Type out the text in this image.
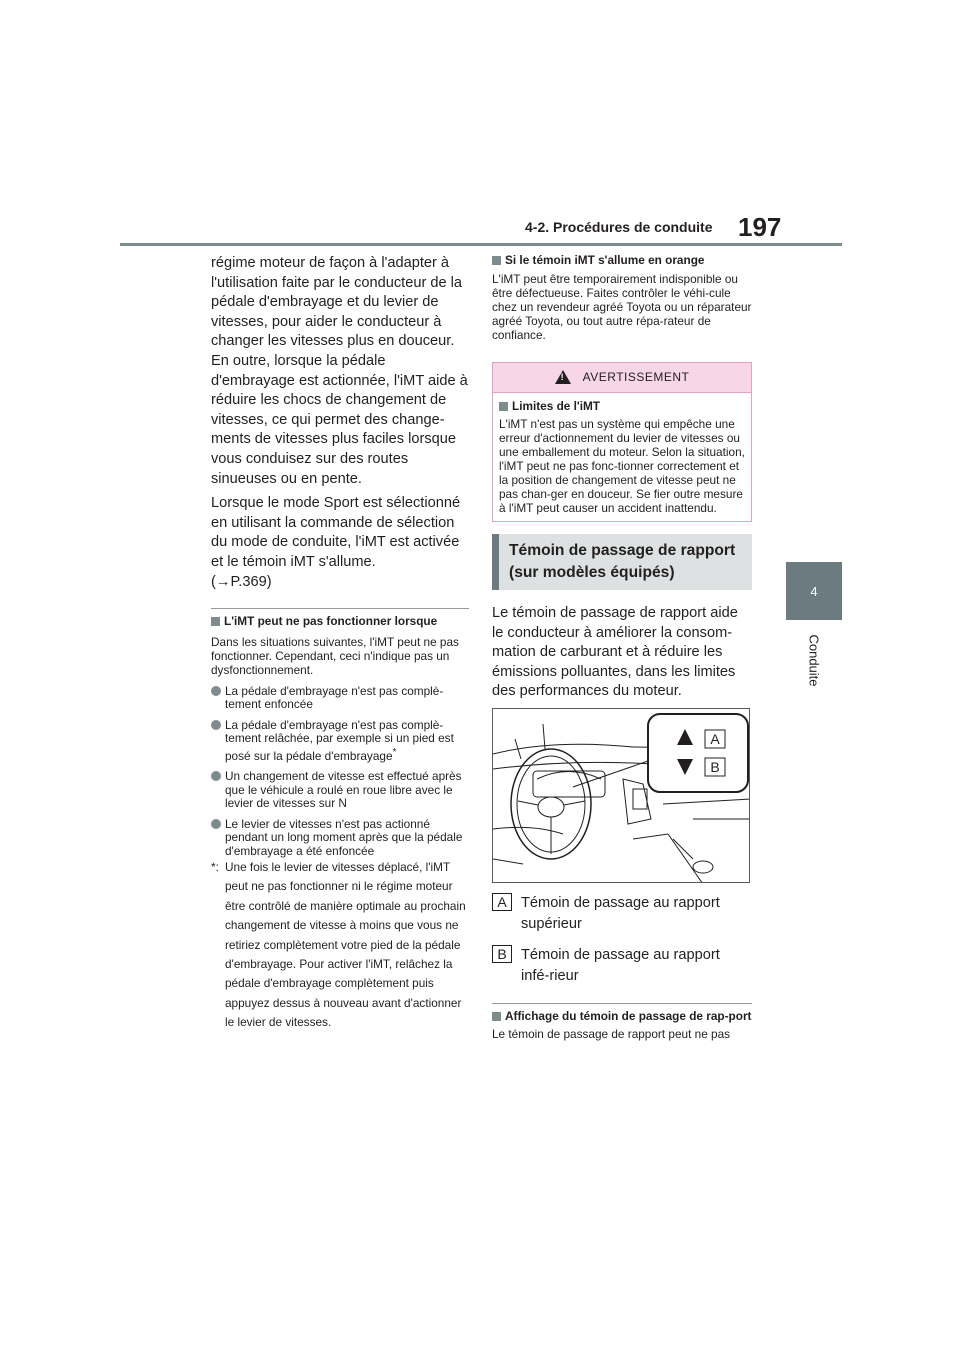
4-2. Procédures de conduite 197
4
Conduite

régime moteur de façon à l'adapter à l'utilisation faite par le conducteur de la pédale d'embrayage et du levier de vitesses, pour aider le conducteur à changer les vitesses plus en douceur. En outre, lorsque la pédale d'embrayage est actionnée, l'iMT aide à réduire les chocs de changement de vitesses, ce qui permet des change-ments de vitesses plus faciles lorsque vous conduisez sur des routes sinueuses ou en pente.

Lorsque le mode Sport est sélectionné en utilisant la commande de sélection du mode de conduite, l'iMT est activée et le témoin iMT s'allume.
(→P.369)

L'iMT peut ne pas fonctionner lorsque

Dans les situations suivantes, l'iMT peut ne pas fonctionner. Cependant, ceci n'indique pas un dysfonctionnement.

La pédale d'embrayage n'est pas complè-tement enfoncée
La pédale d'embrayage n'est pas complè-tement relâchée, par exemple si un pied est posé sur la pédale d'embrayage*
Un changement de vitesse est effectué après que le véhicule a roulé en roue libre avec le levier de vitesses sur N
Le levier de vitesses n'est pas actionné pendant un long moment après que la pédale d'embrayage a été enfoncée
*: Une fois le levier de vitesses déplacé, l'iMT peut ne pas fonctionner ni le régime moteur être contrôlé de manière optimale au prochain changement de vitesse à moins que vous ne retiriez complètement votre pied de la pédale d'embrayage. Pour activer l'iMT, relâchez la pédale d'embrayage complètement puis appuyez dessus à nouveau avant d'actionner le levier de vitesses.
Si le témoin iMT s'allume en orange

L'iMT peut être temporairement indisponible ou être défectueuse. Faites contrôler le véhi-cule chez un revendeur agréé Toyota ou un réparateur agréé Toyota, ou tout autre répa-rateur de confiance.

!
AVERTISSEMENT
Limites de l'iMT

L'iMT n'est pas un système qui empêche une erreur d'actionnement du levier de vitesses ou une emballement du moteur. Selon la situation, l'iMT peut ne pas fonc-tionner correctement et la position de changement de vitesse peut ne pas chan-ger en douceur. Se fier outre mesure à l'iMT peut causer un accident inattendu.

Témoin de passage de rapport (sur modèles équipés)

Le témoin de passage de rapport aide le conducteur à améliorer la consom-mation de carburant et à réduire les émissions polluantes, dans les limites des performances du moteur.

A
B
A Témoin de passage au rapport supérieur
B Témoin de passage au rapport infé-rieur
Affichage du témoin de passage de rap-port

Le témoin de passage de rapport peut ne pas
